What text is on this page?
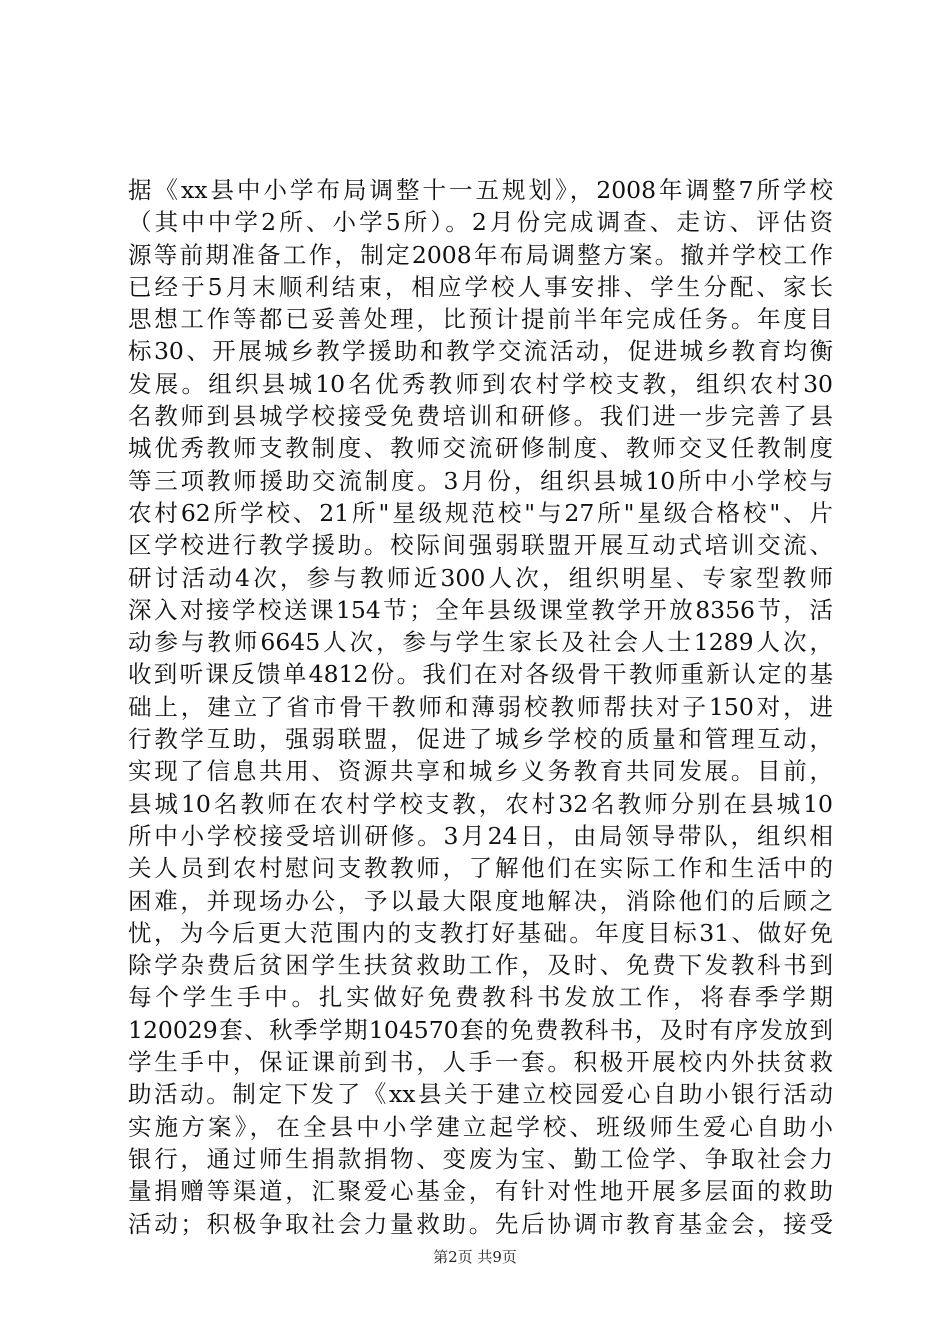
据《xx县中小学布局调整十一五规划》，2008年调整7所学校
（其中中学2所、小学5所）。2月份完成调查、走访、评估资
源等前期准备工作，制定2008年布局调整方案。撤并学校工作
已经于5月末顺利结束，相应学校人事安排、学生分配、家长
思想工作等都已妥善处理，比预计提前半年完成任务。年度目
标30、开展城乡教学援助和教学交流活动，促进城乡教育均衡
发展。组织县城10名优秀教师到农村学校支教，组织农村30
名教师到县城学校接受免费培训和研修。我们进一步完善了县
城优秀教师支教制度、教师交流研修制度、教师交叉任教制度
等三项教师援助交流制度。3月份，组织县城10所中小学校与
农村62所学校、21所"星级规范校"与27所"星级合格校"、片
区学校进行教学援助。校际间强弱联盟开展互动式培训交流、
研讨活动4次，参与教师近300人次，组织明星、专家型教师
深入对接学校送课154节；全年县级课堂教学开放8356节，活
动参与教师6645人次，参与学生家长及社会人士1289人次，
收到听课反馈单4812份。我们在对各级骨干教师重新认定的基
础上，建立了省市骨干教师和薄弱校教师帮扶对子150对，进
行教学互助，强弱联盟，促进了城乡学校的质量和管理互动，
实现了信息共用、资源共享和城乡义务教育共同发展。目前，
县城10名教师在农村学校支教，农村32名教师分别在县城10
所中小学校接受培训研修。3月24日，由局领导带队，组织相
关人员到农村慰问支教教师，了解他们在实际工作和生活中的
困难，并现场办公，予以最大限度地解决，消除他们的后顾之
忧，为今后更大范围内的支教打好基础。年度目标31、做好免
除学杂费后贫困学生扶贫救助工作，及时、免费下发教科书到
每个学生手中。扎实做好免费教科书发放工作，将春季学期
120029套、秋季学期104570套的免费教科书，及时有序发放到
学生手中，保证课前到书，人手一套。积极开展校内外扶贫救
助活动。制定下发了《xx县关于建立校园爱心自助小银行活动
实施方案》，在全县中小学建立起学校、班级师生爱心自助小
银行，通过师生捐款捐物、变废为宝、勤工俭学、争取社会力
量捐赠等渠道，汇聚爱心基金，有针对性地开展多层面的救助
活动；积极争取社会力量救助。先后协调市教育基金会，接受
第2页 共9页
